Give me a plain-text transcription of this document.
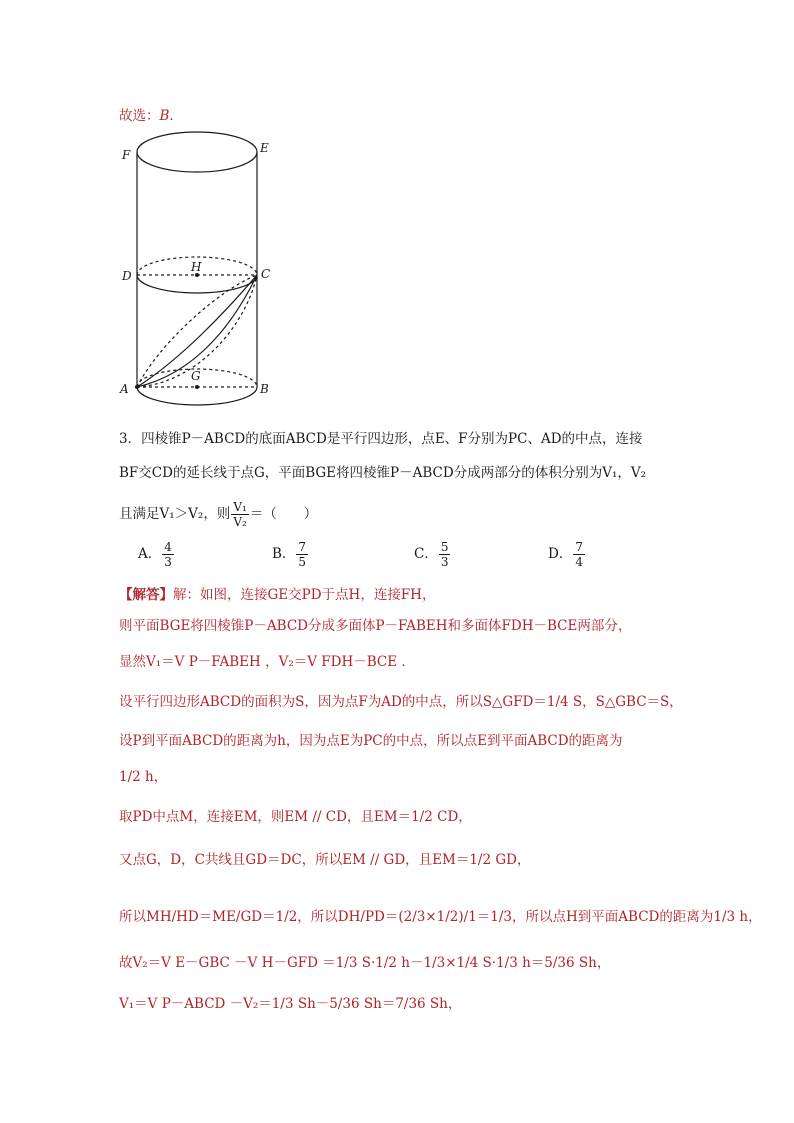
故选：B．
F	E
D	C
H
A	B
G
3．四棱锥P－ABCD的底面ABCD是平行四边形，点E、F分别为PC、AD的中点，连接
BF交CD的延长线于点G，平面BGE将四棱锥P－ABCD分成两部分的体积分别为V₁，V₂
且满足V₁＞V₂，则 $\frac{\text{V₁}}{\text{V₂}}$ ＝（　　）
A． $\frac{4}{3}$	B． $\frac{7}{5}$	C． $\frac{5}{3}$	D． $\frac{7}{4}$
【解答】解：如图，连接GE交PD于点H，连接FH，
则平面BGE将四棱锥P－ABCD分成多面体P－FABEH和多面体FDH－BCE两部分，
显然V₁＝V P－FABEH ，V₂＝V FDH－BCE ．
设平行四边形ABCD的面积为S，因为点F为AD的中点，所以S△GFD＝1/4 S，S△GBC＝S，
设P到平面ABCD的距离为h，因为点E为PC的中点，所以点E到平面ABCD的距离为
1/2 h，
取PD中点M，连接EM，则EM // CD，且EM＝1/2 CD，
又点G，D，C共线且GD＝DC，所以EM // GD，且EM＝1/2 GD，
所以MH/HD＝ME/GD＝1/2，所以DH/PD＝(2/3×1/2)/1＝1/3，所以点H到平面ABCD的距离为1/3 h，
故V₂＝V E－GBC －V H－GFD ＝1/3 S·1/2 h－1/3×1/4 S·1/3 h＝5/36 Sh，
V₁＝V P－ABCD －V₂＝1/3 Sh－5/36 Sh＝7/36 Sh，
